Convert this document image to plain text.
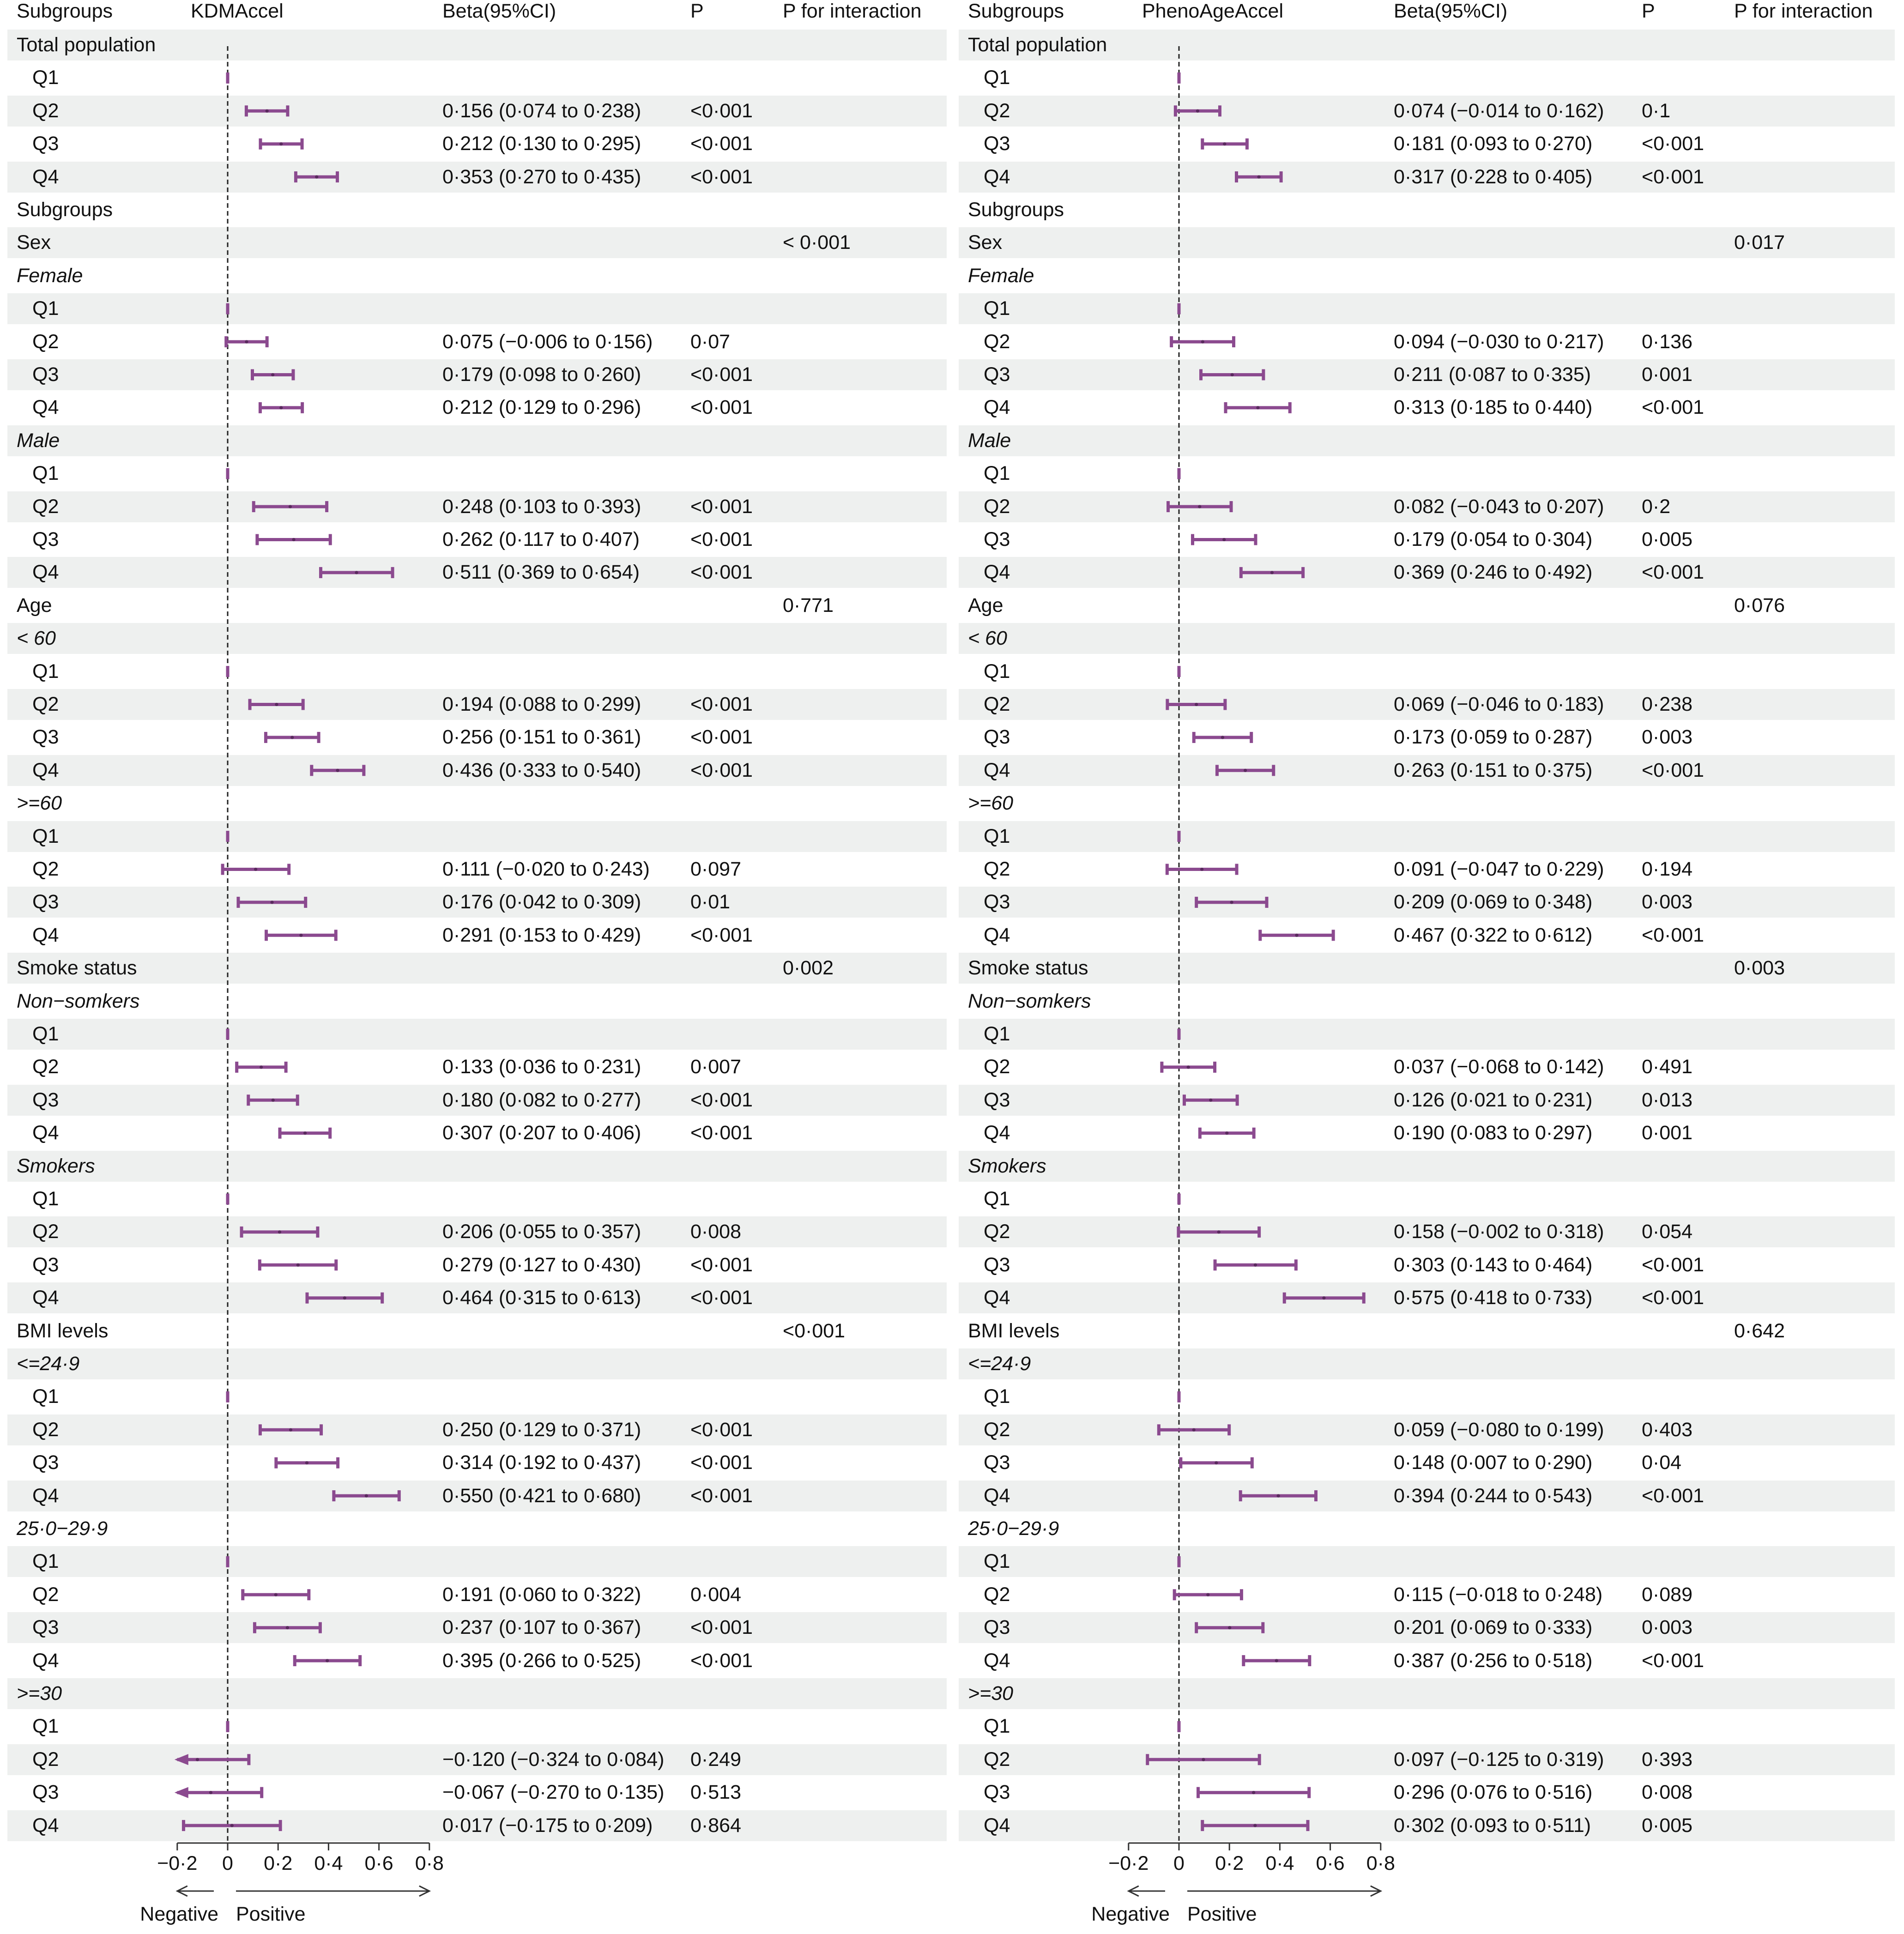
Subgroups	KDMAccel	Beta(95%CI)	P	P for interaction
Total population
Q1
Q2	0·156 (0·074 to 0·238) <0·001
Q3	0·212 (0·130 to 0·295) <0·001
Q4	0·353 (0·270 to 0·435) <0·001
Subgroups
Sex	< 0·001
Female
Q1
Q2	0·075 (−0·006 to 0·156) 0·07
Q3	0·179 (0·098 to 0·260) <0·001
Q4	0·212 (0·129 to 0·296) <0·001
Male
Q1
Q2	0·248 (0·103 to 0·393) <0·001
Q3	0·262 (0·117 to 0·407)	<0·001
Q4	0·511 (0·369 to 0·654)	<0·001
Age	0·771
< 60
Q1
Q2	0·194 (0·088 to 0·299) <0·001
Q3	0·256 (0·151 to 0·361) <0·001
Q4	0·436 (0·333 to 0·540) <0·001
>=60
Q1
Q2	0·111 (−0·020 to 0·243) 0·097
Q3	0·176 (0·042 to 0·309) 0·01
Q4	0·291 (0·153 to 0·429) <0·001
Smoke status	0·002
Non−somkers
Q1
Q2	0·133 (0·036 to 0·231) 0·007
Q3	0·180 (0·082 to 0·277) <0·001
Q4	0·307 (0·207 to 0·406) <0·001
Smokers
Q1
Q2	0·206 (0·055 to 0·357) 0·008
Q3	0·279 (0·127 to 0·430) <0·001
Q4	0·464 (0·315 to 0·613) <0·001
BMI levels	<0·001
<=24·9
Q1
Q2	0·250 (0·129 to 0·371) <0·001
Q3	0·314 (0·192 to 0·437) <0·001
Q4	0·550 (0·421 to 0·680) <0·001
25·0−29·9
Q1
Q2	0·191 (0·060 to 0·322) 0·004
Q3	0·237 (0·107 to 0·367) <0·001
Q4	0·395 (0·266 to 0·525) <0·001
>=30
Q1
Q2	−0·120 (−0·324 to 0·084) 0·249
Q3	−0·067 (−0·270 to 0·135) 0·513
Q4	0·017 (−0·175 to 0·209) 0·864
−0·2 0 0·2 0·4 0·6 0·8
Negative Positive
Subgroups	PhenoAgeAccel	Beta(95%CI)	P	P for interaction
Total population
Q1
Q2	0·074 (−0·014 to 0·162) 0·1
Q3	0·181 (0·093 to 0·270) <0·001
Q4	0·317 (0·228 to 0·405) <0·001
Subgroups
Sex	0·017
Female
Q1
Q2	0·094 (−0·030 to 0·217) 0·136
Q3	0·211 (0·087 to 0·335)	0·001
Q4	0·313 (0·185 to 0·440) <0·001
Male
Q1
Q2	0·082 (−0·043 to 0·207) 0·2
Q3	0·179 (0·054 to 0·304) 0·005
Q4	0·369 (0·246 to 0·492) <0·001
Age	0·076
< 60
Q1
Q2	0·069 (−0·046 to 0·183) 0·238
Q3	0·173 (0·059 to 0·287) 0·003
Q4	0·263 (0·151 to 0·375) <0·001
>=60
Q1
Q2	0·091 (−0·047 to 0·229) 0·194
Q3	0·209 (0·069 to 0·348) 0·003
Q4	0·467 (0·322 to 0·612) <0·001
Smoke status	0·003
Non−somkers
Q1
Q2	0·037 (−0·068 to 0·142) 0·491
Q3	0·126 (0·021 to 0·231) 0·013
Q4	0·190 (0·083 to 0·297) 0·001
Smokers
Q1
Q2	0·158 (−0·002 to 0·318) 0·054
Q3	0·303 (0·143 to 0·464) <0·001
Q4	0·575 (0·418 to 0·733) <0·001
BMI levels	0·642
<=24·9
Q1
Q2	0·059 (−0·080 to 0·199) 0·403
Q3	0·148 (0·007 to 0·290) 0·04
Q4	0·394 (0·244 to 0·543) <0·001
25·0−29·9
Q1
Q2	0·115 (−0·018 to 0·248) 0·089
Q3	0·201 (0·069 to 0·333) 0·003
Q4	0·387 (0·256 to 0·518) <0·001
>=30
Q1
Q2	0·097 (−0·125 to 0·319) 0·393
Q3	0·296 (0·076 to 0·516) 0·008
Q4	0·302 (0·093 to 0·511)	0·005
−0·2 0 0·2 0·4 0·6 0·8
Negative Positive
